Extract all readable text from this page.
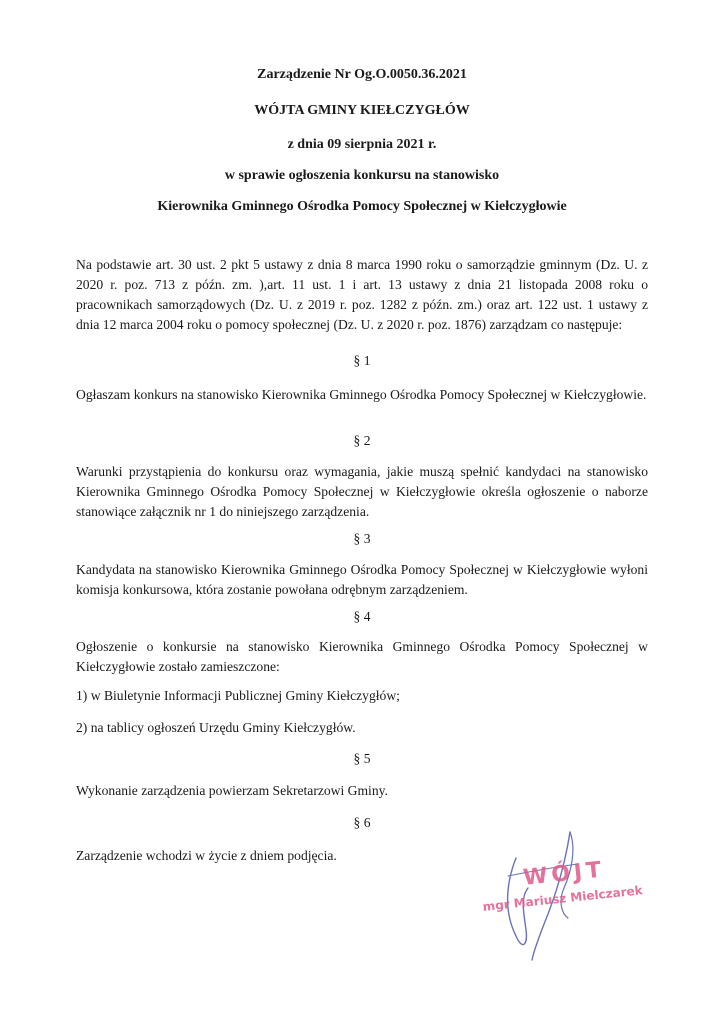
Zarządzenie Nr Og.O.0050.36.2021
WÓJTA GMINY KIEŁCZYGŁÓW
z dnia 09 sierpnia 2021 r.
w sprawie ogłoszenia konkursu na stanowisko
Kierownika Gminnego Ośrodka Pomocy Społecznej w Kiełczygłowie
Na podstawie art. 30 ust. 2 pkt 5 ustawy z dnia 8 marca 1990 roku o samorządzie gminnym (Dz. U. z 2020 r. poz. 713 z późn. zm. ),art. 11 ust. 1 i art. 13 ustawy z dnia 21 listopada 2008 roku o pracownikach samorządowych (Dz. U. z 2019 r. poz. 1282 z późn. zm.) oraz art. 122 ust. 1 ustawy z dnia 12 marca 2004 roku o pomocy społecznej (Dz. U. z 2020 r. poz. 1876) zarządzam co następuje:
§ 1
Ogłaszam konkurs na stanowisko Kierownika Gminnego Ośrodka Pomocy Społecznej w Kiełczygłowie.
§ 2
Warunki przystąpienia do konkursu oraz wymagania, jakie muszą spełnić kandydaci na stanowisko Kierownika Gminnego Ośrodka Pomocy Społecznej w Kiełczygłowie określa ogłoszenie o naborze stanowiące załącznik nr 1 do niniejszego zarządzenia.
§ 3
Kandydata na stanowisko Kierownika Gminnego Ośrodka Pomocy Społecznej w Kiełczygłowie wyłoni komisja konkursowa, która zostanie powołana odrębnym zarządzeniem.
§ 4
Ogłoszenie o konkursie na stanowisko Kierownika Gminnego Ośrodka Pomocy Społecznej w Kiełczygłowie zostało zamieszczone:
1) w Biuletynie Informacji Publicznej Gminy Kiełczygłów;
2) na tablicy ogłoszeń Urzędu Gminy Kiełczygłów.
§ 5
Wykonanie zarządzenia powierzam Sekretarzowi Gminy.
§ 6
Zarządzenie wchodzi w życie z dniem podjęcia.
WÓJT
mgr Mariusz Mielczarek
